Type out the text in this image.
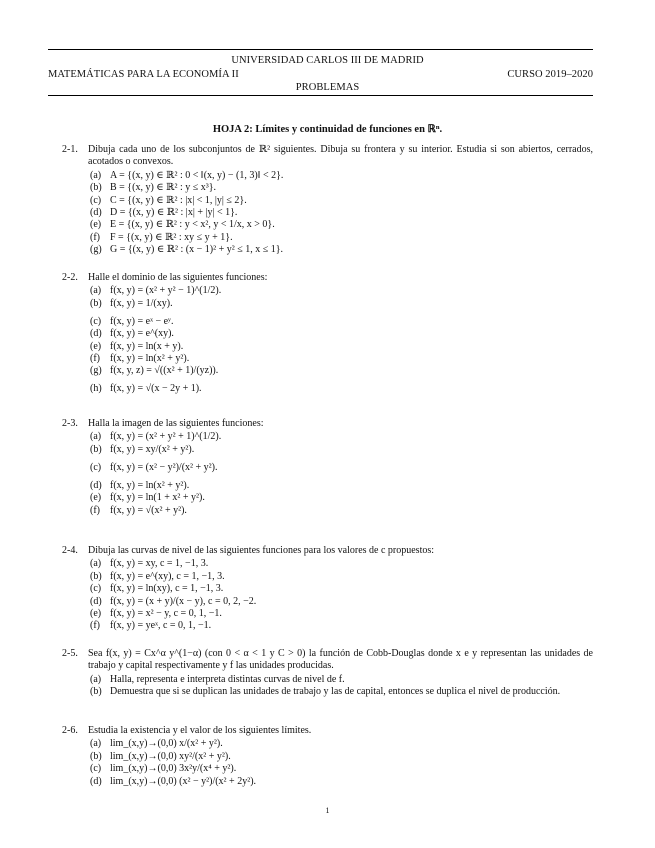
UNIVERSIDAD CARLOS III DE MADRID
MATEMÁTICAS PARA LA ECONOMÍA II	CURSO 2019–2020
PROBLEMAS
HOJA 2: Límites y continuidad de funciones en ℝⁿ.
2-1. Dibuja cada uno de los subconjuntos de ℝ² siguientes. Dibuja su frontera y su interior. Estudia si son abiertos, cerrados, acotados o convexos.
(a) A = {(x, y) ∈ ℝ² : 0 < ‖(x, y) − (1, 3)‖ < 2}.
(b) B = {(x, y) ∈ ℝ² : y ≤ x³}.
(c) C = {(x, y) ∈ ℝ² : |x| < 1, |y| ≤ 2}.
(d) D = {(x, y) ∈ ℝ² : |x| + |y| < 1}.
(e) E = {(x, y) ∈ ℝ² : y < x², y < 1/x, x > 0}.
(f) F = {(x, y) ∈ ℝ² : xy ≤ y + 1}.
(g) G = {(x, y) ∈ ℝ² : (x − 1)² + y² ≤ 1, x ≤ 1}.
2-2. Halle el dominio de las siguientes funciones:
(a) f(x, y) = (x² + y² − 1)^(1/2).
(b) f(x, y) = 1/(xy).
(c) f(x, y) = eˣ − eʸ.
(d) f(x, y) = e^(xy).
(e) f(x, y) = ln(x + y).
(f) f(x, y) = ln(x² + y²).
(g) f(x, y, z) = √((x² + 1)/(yz)).
(h) f(x, y) = √(x − 2y + 1).
2-3. Halla la imagen de las siguientes funciones:
(a) f(x, y) = (x² + y² + 1)^(1/2).
(b) f(x, y) = xy/(x² + y²).
(c) f(x, y) = (x² − y²)/(x² + y²).
(d) f(x, y) = ln(x² + y²).
(e) f(x, y) = ln(1 + x² + y²).
(f) f(x, y) = √(x² + y²).
2-4. Dibuja las curvas de nivel de las siguientes funciones para los valores de c propuestos:
(a) f(x, y) = xy, c = 1, −1, 3.
(b) f(x, y) = e^(xy), c = 1, −1, 3.
(c) f(x, y) = ln(xy), c = 1, −1, 3.
(d) f(x, y) = (x + y)/(x − y), c = 0, 2, −2.
(e) f(x, y) = x² − y, c = 0, 1, −1.
(f) f(x, y) = yeˣ, c = 0, 1, −1.
2-5. Sea f(x, y) = Cx^α y^(1−α) (con 0 < α < 1 y C > 0) la función de Cobb-Douglas donde x e y representan las unidades de trabajo y capital respectivamente y f las unidades producidas.
(a) Halla, representa e interpreta distintas curvas de nivel de f.
(b) Demuestra que si se duplican las unidades de trabajo y las de capital, entonces se duplica el nivel de producción.
2-6. Estudia la existencia y el valor de los siguientes límites.
(a) lim_(x,y)→(0,0) x/(x² + y²).
(b) lim_(x,y)→(0,0) xy²/(x² + y²).
(c) lim_(x,y)→(0,0) 3x²y/(x⁴ + y²).
(d) lim_(x,y)→(0,0) (x² − y²)/(x² + 2y²).
1
